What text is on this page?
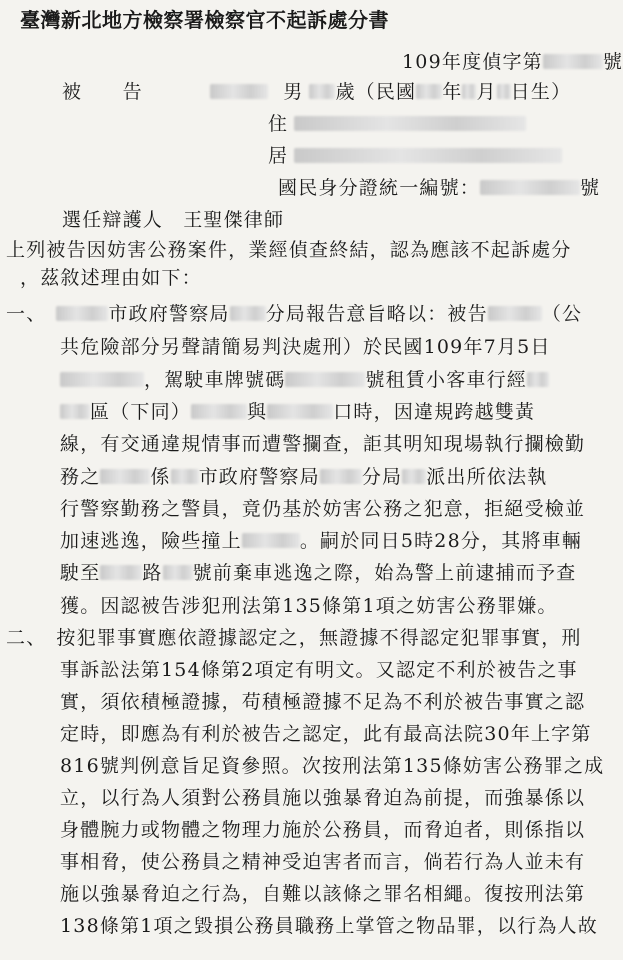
臺灣新北地方檢察署檢察官不起訴處分書
109年度偵字第	號
被　　告	男 歲（民國 年 月 日生）
住
居
國民身分證統一編號：	號
選任辯護人　王聖傑律師
上列被告因妨害公務案件，業經偵查終結，認為應該不起訴處分
，茲敘述理由如下：
一、	市政府警察局 分局報告意旨略以：被告	（公
共危險部分另聲請簡易判決處刑）於民國109年7月5日
，駕駛車牌號碼	號租賃小客車行經
區（下同）	與	口時，因違規跨越雙黃
線，有交通違規情事而遭警攔查，詎其明知現場執行攔檢勤
務之	係 市政府警察局 分局 派出所依法執
行警察勤務之警員，竟仍基於妨害公務之犯意，拒絕受檢並
加速逃逸，險些撞上	。嗣於同日5時28分，其將車輛
駛至 路 號前棄車逃逸之際，始為警上前逮捕而予查
獲。因認被告涉犯刑法第135條第1項之妨害公務罪嫌。
二、 按犯罪事實應依證據認定之，無證據不得認定犯罪事實，刑
事訴訟法第154條第2項定有明文。又認定不利於被告之事
實，須依積極證據，苟積極證據不足為不利於被告事實之認
定時，即應為有利於被告之認定，此有最高法院30年上字第
816號判例意旨足資參照。次按刑法第135條妨害公務罪之成
立，以行為人須對公務員施以強暴脅迫為前提，而強暴係以
身體腕力或物體之物理力施於公務員，而脅迫者，則係指以
事相脅，使公務員之精神受迫害者而言，倘若行為人並未有
施以強暴脅迫之行為，自難以該條之罪名相繩。復按刑法第
138條第1項之毀損公務員職務上掌管之物品罪，以行為人故
